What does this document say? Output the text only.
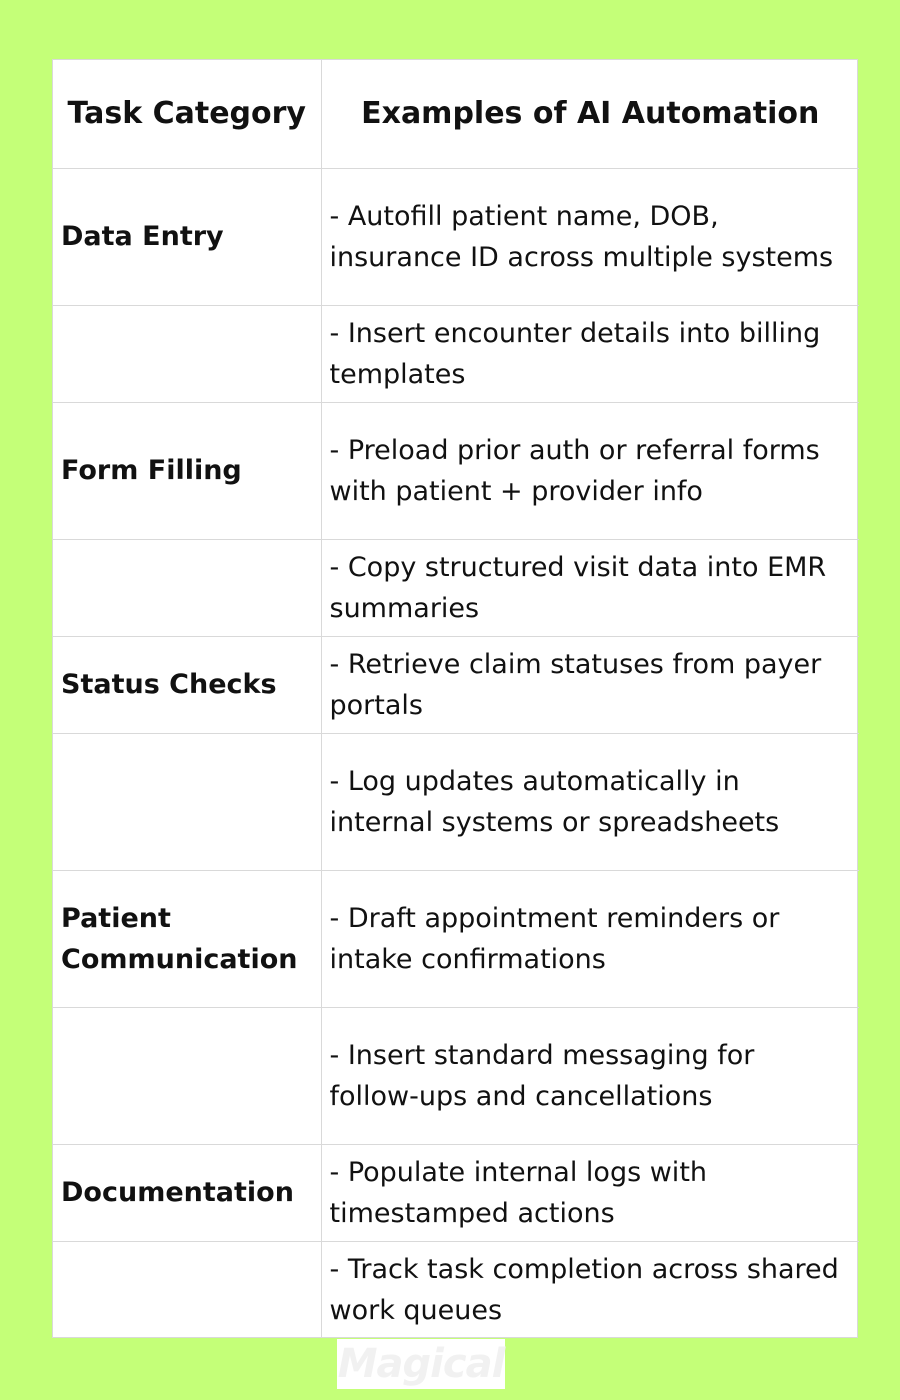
Task Category	Examples of AI Automation
Data Entry	- Autofill patient name, DOB, insurance ID across multiple systems
	- Insert encounter details into billing templates
Form Filling	- Preload prior auth or referral forms with patient + provider info
	- Copy structured visit data into EMR summaries
Status Checks	- Retrieve claim statuses from payer portals
	- Log updates automatically in internal systems or spreadsheets
Patient Communication	- Draft appointment reminders or intake confirmations
	- Insert standard messaging for follow-ups and cancellations
Documentation	- Populate internal logs with timestamped actions
	- Track task completion across shared work queues
Magical
